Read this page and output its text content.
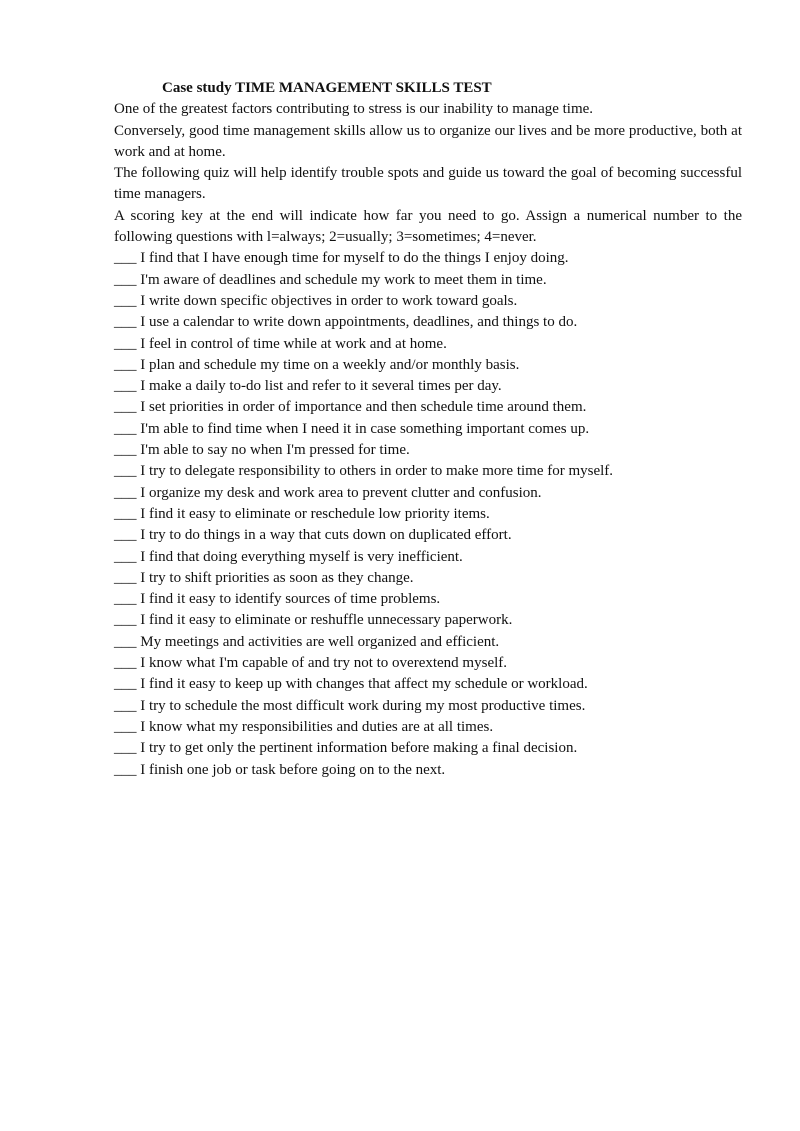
Case study TIME MANAGEMENT SKILLS TEST

One of the greatest factors contributing to stress is our inability to manage time.

Conversely, good time management skills allow us to organize our lives and be more productive, both at work and at home.

The following quiz will help identify trouble spots and guide us toward the goal of becoming successful time managers.

A scoring key at the end will indicate how far you need to go. Assign a numerical number to the following questions with l=always; 2=usually; 3=sometimes; 4=never.

___ I find that I have enough time for myself to do the things I enjoy doing.
___ I'm aware of deadlines and schedule my work to meet them in time.
___ I write down specific objectives in order to work toward goals.
___ I use a calendar to write down appointments, deadlines, and things to do.
___ I feel in control of time while at work and at home.
___ I plan and schedule my time on a weekly and/or monthly basis.
___ I make a daily to-do list and refer to it several times per day.
___ I set priorities in order of importance and then schedule time around them.
___ I'm able to find time when I need it in case something important comes up.
___ I'm able to say no when I'm pressed for time.
___ I try to delegate responsibility to others in order to make more time for myself.
___ I organize my desk and work area to prevent clutter and confusion.
___ I find it easy to eliminate or reschedule low priority items.
___ I try to do things in a way that cuts down on duplicated effort.
___ I find that doing everything myself is very inefficient.
___ I try to shift priorities as soon as they change.
___ I find it easy to identify sources of time problems.
___ I find it easy to eliminate or reshuffle unnecessary paperwork.
___ My meetings and activities are well organized and efficient.
___ I know what I'm capable of and try not to overextend myself.
___ I find it easy to keep up with changes that affect my schedule or workload.
___ I try to schedule the most difficult work during my most productive times.
___ I know what my responsibilities and duties are at all times.
___ I try to get only the pertinent information before making a final decision.
___ I finish one job or task before going on to the next.
